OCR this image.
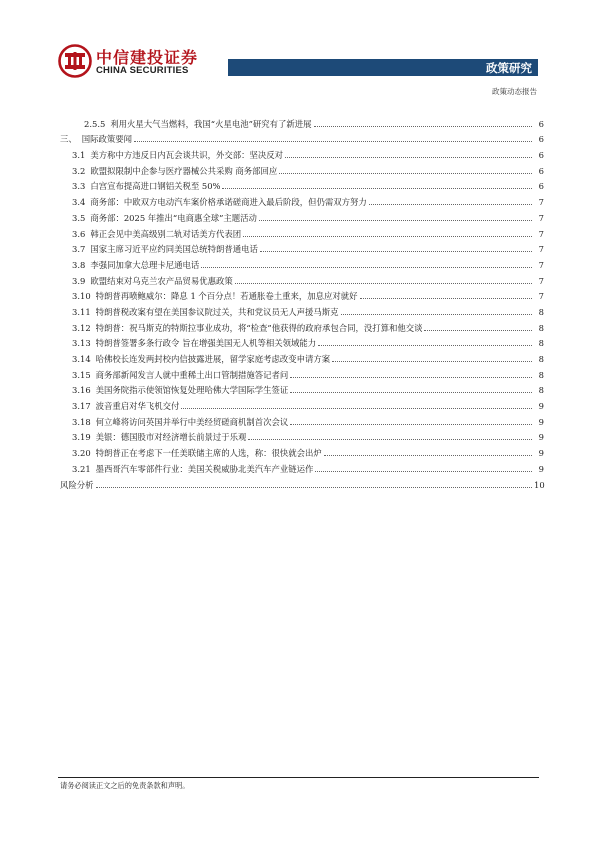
中信建投证券
CHINA SECURITIES	政策研究
政策动态报告
2.5.5 利用火星大气当燃料，我国“火星电池”研究有了新进展	6
三、 国际政策要闻	6
3.1 美方称中方违反日内瓦会谈共识，外交部：坚决反对	6
3.2 欧盟拟限制中企参与医疗器械公共采购 商务部回应	6
3.3 白宫宣布提高进口钢铝关税至 50%	6
3.4 商务部：中欧双方电动汽车案价格承诺磋商进入最后阶段，但仍需双方努力	7
3.5 商务部：2025 年推出“电商惠全球”主题活动	7
3.6 韩正会见中美高级别二轨对话美方代表团	7
3.7 国家主席习近平应约同美国总统特朗普通电话	7
3.8 李强同加拿大总理卡尼通电话	7
3.9 欧盟结束对乌克兰农产品贸易优惠政策	7
3.10 特朗普再喷鲍威尔：降息 1 个百分点！若通胀卷土重来，加息应对就好	7
3.11 特朗普税改案有望在美国参议院过关，共和党议员无人声援马斯克	8
3.12 特朗普：祝马斯克的特斯拉事业成功，将“检查”他获得的政府承包合同，没打算和他交谈	8
3.13 特朗普签署多条行政令 旨在增强美国无人机等相关领域能力	8
3.14 哈佛校长连发两封校内信披露进展，留学家庭考虑改变申请方案	8
3.15 商务部新闻发言人就中重稀土出口管制措施答记者问	8
3.16 美国务院指示使领馆恢复处理哈佛大学国际学生签证	8
3.17 波音重启对华飞机交付	9
3.18 何立峰将访问英国并举行中美经贸磋商机制首次会议	9
3.19 美银：德国股市对经济增长前景过于乐观	9
3.20 特朗普正在考虑下一任美联储主席的人选，称：很快就会出炉	9
3.21 墨西哥汽车零部件行业：美国关税威胁北美汽车产业链运作	9
风险分析	10
请务必阅读正文之后的免责条款和声明。
